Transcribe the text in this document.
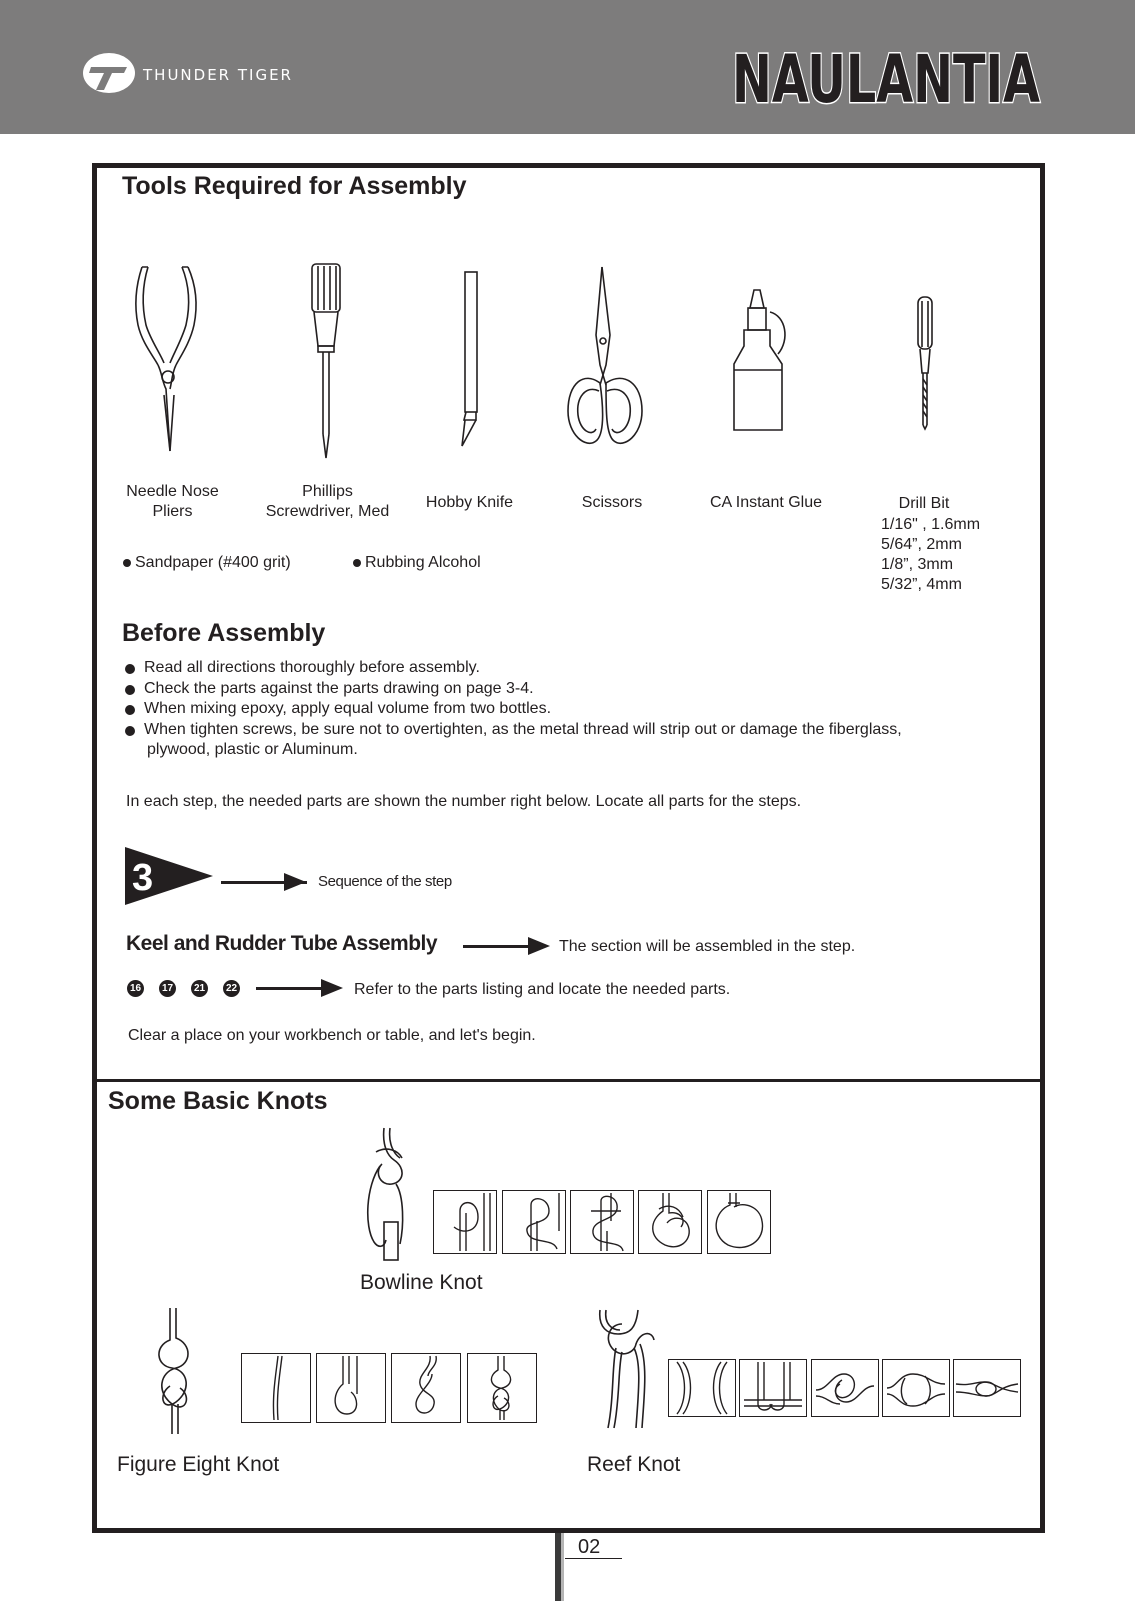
THUNDER TIGER	NAULANTIA
Tools Required for Assembly
Needle Nose
Pliers
Phillips
Screwdriver, Med
Hobby Knife	Scissors	CA Instant Glue	Drill Bit
1/16" , 1.6mm
5/64”, 2mm
1/8”, 3mm
5/32”, 4mm
Sandpaper (#400 grit)	Rubbing Alcohol
Before Assembly
Read all directions thoroughly before assembly.
Check the parts against the parts drawing on page 3-4.
When mixing epoxy, apply equal volume from two bottles.
When tighten screws, be sure not to overtighten, as the metal thread will strip out or damage the fiberglass,
plywood, plastic or Aluminum.
In each step, the needed parts are shown the number right below. Locate all parts for the steps.
3	Sequence of the step
Keel and Rudder Tube Assembly	The section will be assembled in the step.
16 17 21 22	Refer to the parts listing and locate the needed parts.
Clear a place on your workbench or table, and let's begin.
Some Basic Knots
Bowline Knot
Figure Eight Knot	Reef Knot
02
